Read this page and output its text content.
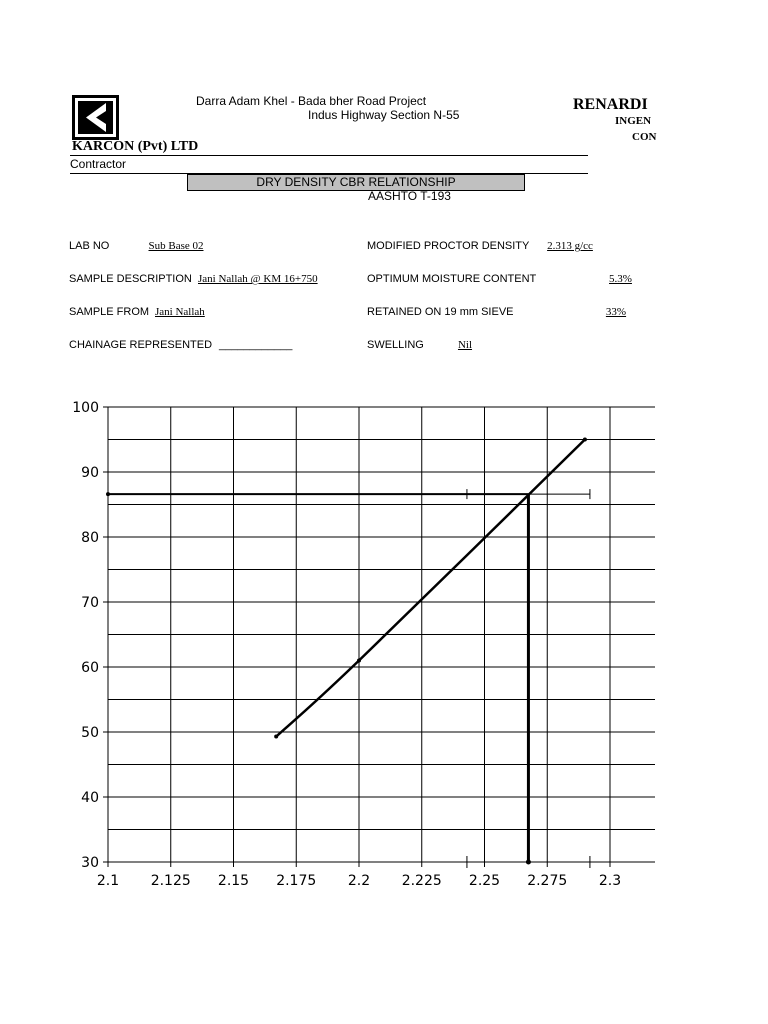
KARCON (Pvt) LTD
Contractor
Darra Adam Khel - Bada bher Road Project
Indus Highway Section N-55
RENARDI
INGEN
CON
DRY DENSITY CBR RELATIONSHIP
AASHTO T-193
LAB NO	Sub Base 02
SAMPLE DESCRIPTION Jani Nallah @ KM 16+750
SAMPLE FROM Jani Nallah
CHAINAGE REPRESENTED ____________
MODIFIED PROCTOR DENSITY	2.313 g/cc
OPTIMUM MOISTURE CONTENT	5.3%
RETAINED ON 19 mm SIEVE	33%
SWELLING	Nil
30
40
50
60
70
80
90
100
2.1 2.125 2.15 2.175 2.2 2.225 2.25 2.275 2.3
